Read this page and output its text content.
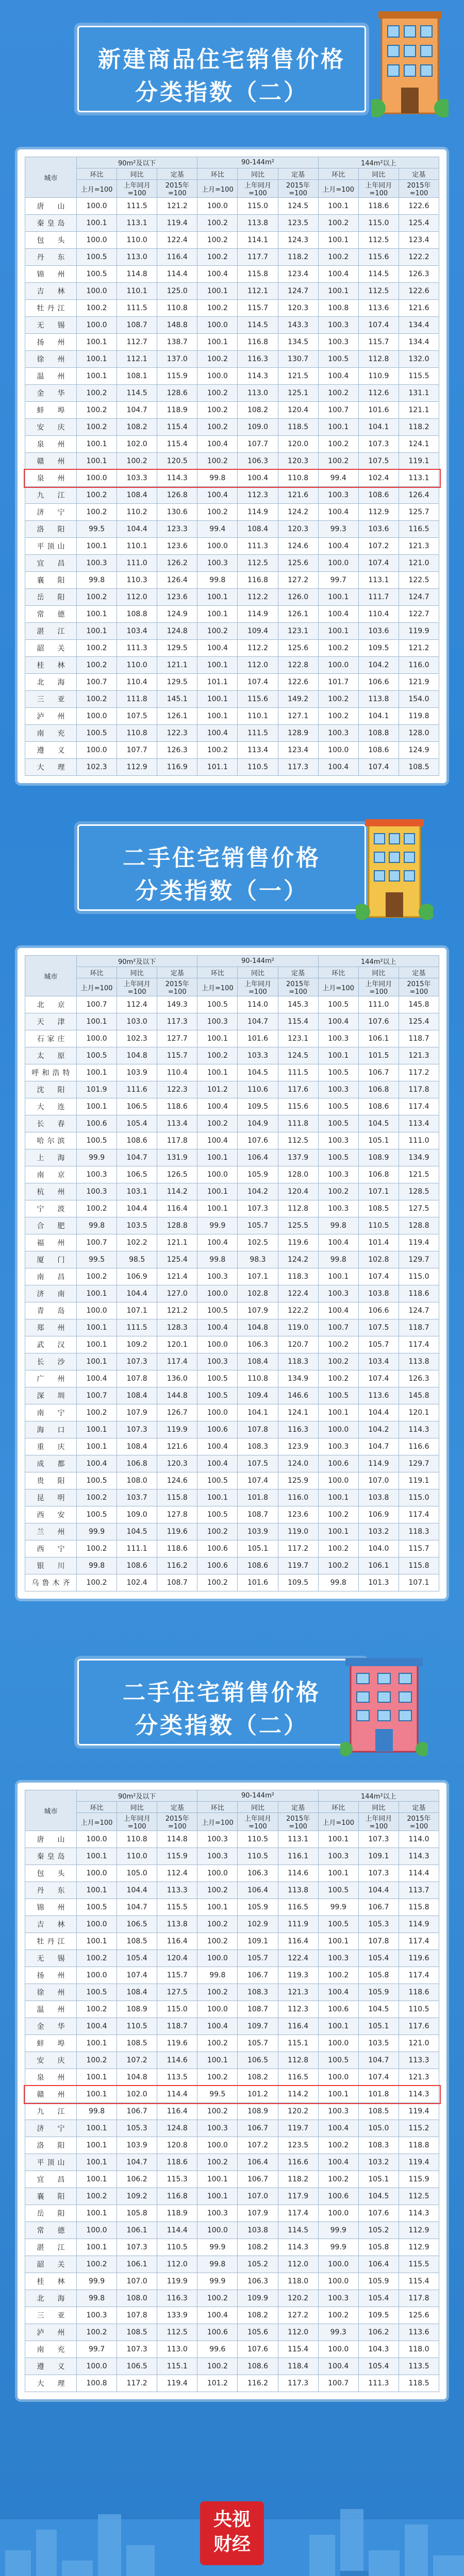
新建商品住宅销售价格
分类指数（二）
城市	90m²及以下			90-144m²			144m²以上		
	环比	同比	定基	环比	同比	定基	环比	同比	定基
	上月=100	上年同月=100	2015年=100	上月=100	上年同月=100	2015年=100	上月=100	上年同月=100	2015年=100
唐　山	100.0	111.5	121.2	100.0	115.0	124.5	100.1	118.6	122.6
秦皇岛	100.1	113.1	119.4	100.2	113.8	123.5	100.2	115.0	125.4
包　头	100.0	110.0	122.4	100.2	114.1	124.3	100.1	112.5	123.4
丹　东	100.5	113.0	116.4	100.2	117.7	118.2	100.2	115.6	122.2
锦　州	100.5	114.8	114.4	100.4	115.8	123.4	100.4	114.5	126.3
吉　林	100.0	110.1	125.0	100.1	112.1	124.7	100.1	112.5	122.6
牡丹江	100.2	111.5	110.8	100.2	115.7	120.3	100.8	113.6	121.6
无　锡	100.0	108.7	148.8	100.0	114.5	143.3	100.3	107.4	134.4
扬　州	100.1	112.7	138.7	100.1	116.8	134.5	100.3	115.7	134.4
徐　州	100.1	112.1	137.0	100.2	116.3	130.7	100.5	112.8	132.0
温　州	100.1	108.1	115.9	100.0	114.3	121.5	100.4	110.9	115.5
金　华	100.2	114.5	128.6	100.2	113.0	125.1	100.2	112.6	131.1
蚌　埠	100.2	104.7	118.9	100.2	108.2	120.4	100.7	101.6	121.1
安　庆	100.2	108.2	115.4	100.2	109.0	118.5	100.1	104.1	118.2
泉　州	100.1	102.0	115.4	100.4	107.7	120.0	100.2	107.3	124.1
赣　州	100.1	100.2	120.5	100.2	106.3	120.3	100.2	107.5	119.1
泉　州	100.0	103.3	114.3	99.8	100.4	110.8	99.4	102.4	113.1
九　江	100.2	108.4	126.8	100.4	112.3	121.6	100.3	108.6	126.4
济　宁	100.2	110.2	130.6	100.2	114.9	124.2	100.4	112.9	125.7
洛　阳	99.5	104.4	123.3	99.4	108.4	120.3	99.3	103.6	116.5
平顶山	100.1	110.1	123.6	100.0	111.3	124.6	100.4	107.2	121.3
宜　昌	100.3	111.0	126.2	100.3	112.5	125.6	100.0	107.4	121.0
襄　阳	99.8	110.3	126.4	99.8	116.8	127.2	99.7	113.1	122.5
岳　阳	100.2	112.0	123.6	100.1	112.2	126.0	100.1	111.7	124.7
常　德	100.1	108.8	124.9	100.1	114.9	126.1	100.4	110.4	122.7
湛　江	100.1	103.4	124.8	100.2	109.4	123.1	100.1	103.6	119.9
韶　关	100.2	111.3	129.5	100.4	112.2	125.6	100.2	109.5	121.2
桂　林	100.2	110.0	121.1	100.1	112.0	122.8	100.0	104.2	116.0
北　海	100.7	110.4	129.5	101.1	107.4	122.6	101.7	106.6	121.9
三　亚	100.2	111.8	145.1	100.1	115.6	149.2	100.2	113.8	154.0
泸　州	100.0	107.5	126.1	100.1	110.1	127.1	100.2	104.1	119.8
南　充	100.5	110.8	122.3	100.4	111.5	128.9	100.3	108.8	128.0
遵　义	100.0	107.7	126.3	100.2	113.4	123.4	100.0	108.6	124.9
大　理	102.3	112.9	116.9	101.1	110.5	117.3	100.4	107.4	108.5
二手住宅销售价格
分类指数（一）
城市	90m²及以下			90-144m²			144m²以上		
	环比	同比	定基	环比	同比	定基	环比	同比	定基
	上月=100	上年同月=100	2015年=100	上月=100	上年同月=100	2015年=100	上月=100	上年同月=100	2015年=100
北　京	100.7	112.4	149.3	100.5	114.0	145.3	100.5	111.0	145.8
天　津	100.1	103.0	117.3	100.3	104.7	115.4	100.4	107.6	125.4
石家庄	100.0	102.3	127.7	100.1	101.6	123.1	100.3	106.1	118.7
太　原	100.5	104.8	115.7	100.2	103.3	124.5	100.1	101.5	121.3
呼和浩特	100.1	103.9	110.4	100.1	104.5	111.5	100.5	106.7	117.2
沈　阳	101.9	111.6	122.3	101.2	110.6	117.6	100.3	106.8	117.8
大　连	100.1	106.5	118.6	100.4	109.5	115.6	100.5	108.6	117.4
长　春	100.6	105.4	113.4	100.2	104.9	111.8	100.5	104.5	113.4
哈尔滨	100.5	108.6	117.8	100.4	107.6	112.5	100.3	105.1	111.0
上　海	99.9	104.7	131.9	100.1	106.4	137.9	100.5	108.9	134.9
南　京	100.3	106.5	126.5	100.0	105.9	128.0	100.3	106.8	121.5
杭　州	100.3	103.1	114.2	100.1	104.2	120.4	100.2	107.1	128.5
宁　波	100.2	104.4	116.4	100.1	107.3	112.8	100.3	108.5	127.5
合　肥	99.8	103.5	128.8	99.9	105.7	125.5	99.8	110.5	128.8
福　州	100.7	102.2	121.1	100.4	102.5	119.6	100.4	101.4	119.4
厦　门	99.5	98.5	125.4	99.8	98.3	124.2	99.8	102.8	129.7
南　昌	100.2	106.9	121.4	100.3	107.1	118.3	100.1	107.4	115.0
济　南	100.1	104.4	127.0	100.0	102.8	122.4	100.3	103.8	118.6
青　岛	100.0	107.1	121.2	100.5	107.9	122.2	100.4	106.6	124.7
郑　州	100.1	111.5	128.3	100.4	104.8	119.0	100.7	107.5	118.7
武　汉	100.1	109.2	120.1	100.0	106.3	120.7	100.2	105.7	117.4
长　沙	100.1	107.3	117.4	100.3	108.4	118.3	100.2	103.4	113.8
广　州	100.4	107.8	136.0	100.5	110.8	134.9	100.2	107.4	126.3
深　圳	100.7	108.4	144.8	100.5	109.4	146.6	100.5	113.6	145.8
南　宁	100.2	107.9	126.7	100.0	104.1	124.1	100.1	104.4	120.1
海　口	100.1	107.3	119.9	100.6	107.8	116.3	100.0	104.2	114.3
重　庆	100.1	108.4	121.6	100.4	108.3	123.9	100.3	104.7	116.6
成　都	100.4	106.8	120.3	100.4	107.5	124.0	100.6	114.9	129.7
贵　阳	100.5	108.0	124.6	100.5	107.4	125.9	100.0	107.0	119.1
昆　明	100.2	103.7	115.8	100.1	101.8	116.0	100.1	103.8	115.0
西　安	100.5	109.0	127.8	100.5	108.7	123.6	100.2	106.9	117.4
兰　州	99.9	104.5	119.6	100.2	103.9	119.0	100.1	103.2	118.3
西　宁	100.2	111.1	118.6	100.6	105.1	117.2	100.2	104.0	115.7
银　川	99.8	108.6	116.2	100.6	108.6	119.7	100.2	106.1	115.8
乌鲁木齐	100.2	102.4	108.7	100.2	101.6	109.5	99.8	101.3	107.1
二手住宅销售价格
分类指数（二）
城市	90m²及以下			90-144m²			144m²以上		
	环比	同比	定基	环比	同比	定基	环比	同比	定基
	上月=100	上年同月=100	2015年=100	上月=100	上年同月=100	2015年=100	上月=100	上年同月=100	2015年=100
唐　山	100.0	110.8	114.8	100.3	110.5	113.1	100.1	107.3	114.0
秦皇岛	100.1	110.0	115.9	100.3	110.5	116.1	100.3	109.1	114.3
包　头	100.0	105.0	112.4	100.0	106.3	114.6	100.1	107.3	114.4
丹　东	100.1	104.4	113.3	100.2	106.4	113.8	100.5	104.4	113.7
锦　州	100.5	104.7	115.5	100.1	105.9	116.5	99.9	106.7	115.8
吉　林	100.0	106.5	113.8	100.2	102.9	111.9	100.5	105.3	114.9
牡丹江	100.1	108.5	116.4	100.2	109.1	116.4	100.1	107.8	117.4
无　锡	100.2	105.4	120.4	100.0	105.7	122.4	100.3	105.4	119.6
扬　州	100.0	107.4	115.7	99.8	106.7	119.3	100.2	105.8	117.4
徐　州	100.5	108.4	127.5	100.2	108.3	121.3	100.4	105.9	118.6
温　州	100.2	108.9	115.0	100.0	108.7	112.3	100.6	104.5	110.5
金　华	100.4	110.5	118.7	100.4	109.7	116.4	100.1	105.1	117.6
蚌　埠	100.1	108.5	119.6	100.2	105.7	115.1	100.0	103.5	121.0
安　庆	100.2	107.2	114.6	100.1	106.5	112.8	100.5	104.7	113.3
泉　州	100.1	104.8	113.5	100.2	108.2	116.5	100.0	107.4	121.3
赣　州	100.1	102.0	114.4	99.5	101.2	114.2	100.1	101.8	114.3
九　江	99.8	106.7	116.4	100.2	108.9	120.2	100.3	108.5	119.4
济　宁	100.1	105.3	124.8	100.3	106.7	119.7	100.4	105.0	115.2
洛　阳	100.1	103.9	120.8	100.0	107.2	123.5	100.2	108.3	118.8
平顶山	100.1	104.7	118.6	100.2	106.4	116.6	100.4	103.2	119.4
宜　昌	100.1	106.2	115.3	100.1	106.7	118.2	100.2	105.1	115.9
襄　阳	100.2	109.2	116.8	100.1	107.0	117.9	100.6	104.5	112.5
岳　阳	100.1	105.8	118.9	100.3	107.9	117.4	100.0	107.6	114.3
常　德	100.0	106.1	114.4	100.0	103.8	114.5	99.9	105.2	112.9
湛　江	100.1	107.3	110.5	99.9	108.2	114.3	99.9	105.8	112.9
韶　关	100.2	106.1	112.0	99.8	105.2	112.0	100.0	106.4	115.5
桂　林	99.9	107.0	119.9	99.9	106.3	118.0	100.0	105.9	115.4
北　海	99.8	108.0	116.3	100.2	109.9	120.2	100.3	105.4	117.8
三　亚	100.3	107.8	133.9	100.4	108.2	127.2	100.2	109.5	125.6
泸　州	100.2	108.5	112.5	100.6	105.6	112.0	99.3	106.2	113.6
南　充	99.7	107.3	113.0	99.6	107.6	115.4	100.0	104.3	118.0
遵　义	100.0	106.5	115.1	100.2	108.6	118.4	100.4	105.4	113.5
大　理	100.8	117.2	119.4	101.2	116.2	117.3	100.7	111.3	118.5
央视
财经
